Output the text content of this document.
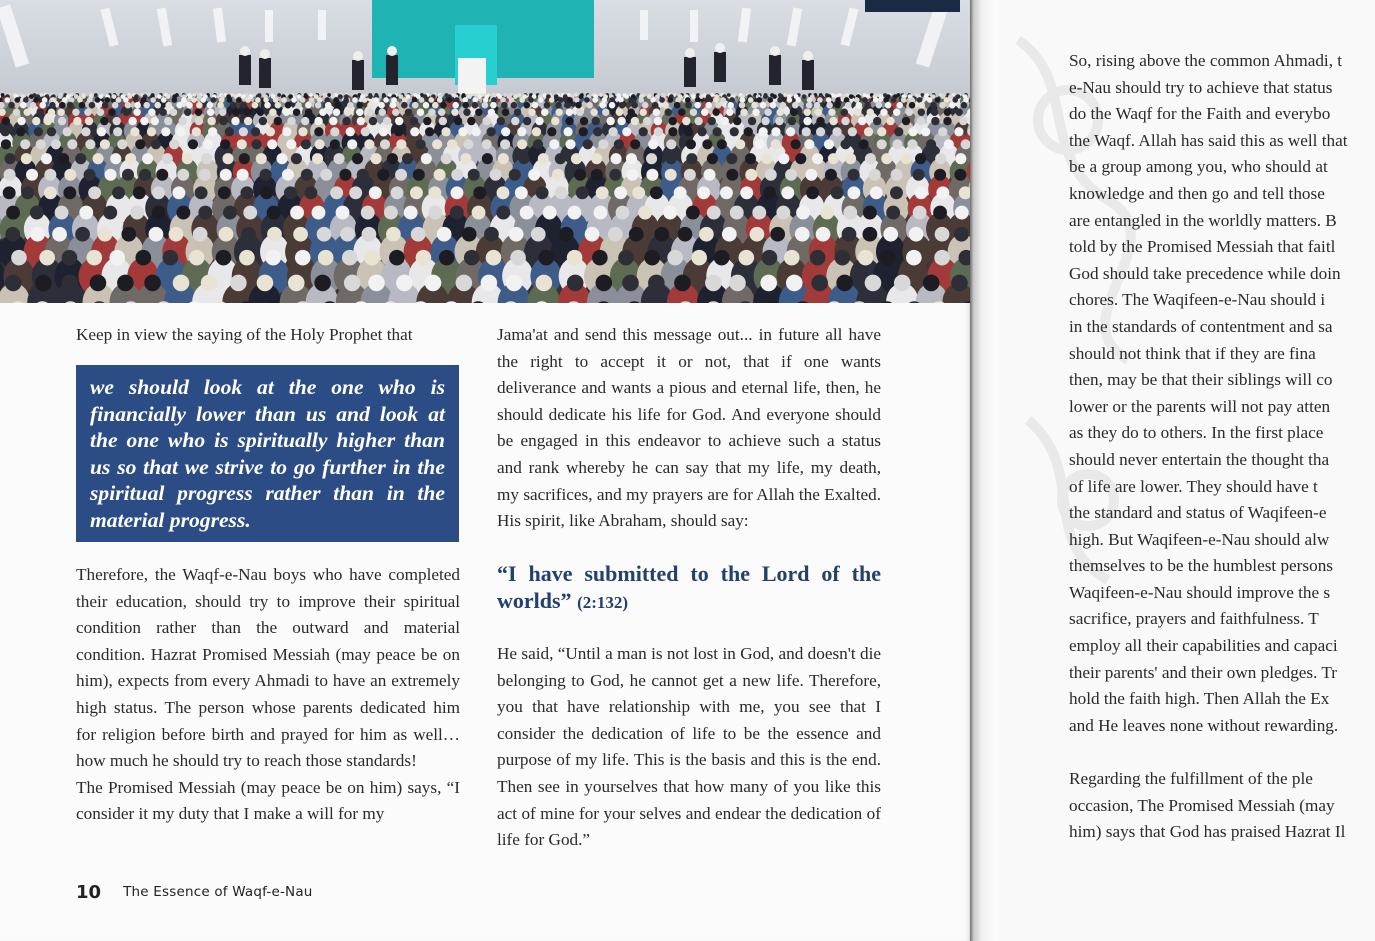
Keep in view the saying of the Holy Prophet that

we should look at the one who is financially lower than us and look at the one who is spiritually higher than us so that we strive to go further in the spiritual progress rather than in the material progress.

Therefore, the Waqf-e-Nau boys who have completed their education, should try to improve their spiritual condition rather than the outward and material condition. Hazrat Promised Messiah (may peace be on him), expects from every Ahmadi to have an extremely high status. The person whose parents dedicated him for religion before birth and prayed for him as well… how much he should try to reach those standards!

The Promised Messiah (may peace be on him) says, “I consider it my duty that I make a will for my

Jama'at and send this message out... in future all have the right to accept it or not, that if one wants deliverance and wants a pious and eternal life, then, he should dedicate his life for God. And everyone should be engaged in this endeavor to achieve such a status and rank whereby he can say that my life, my death, my sacrifices, and my prayers are for Allah the Exalted. His spirit, like Abraham, should say:

“I have submitted to the Lord of the worlds” (2:132)

He said, “Until a man is not lost in God, and doesn't die belonging to God, he cannot get a new life. Therefore, you that have relationship with me, you see that I consider the dedication of life to be the essence and purpose of my life. This is the basis and this is the end. Then see in yourselves that how many of you like this act of mine for your selves and endear the dedication of life for God.”

10 The Essence of Waqf-e-Nau
So, rising above the common Ahmadi, t
e-Nau should try to achieve that status
do the Waqf for the Faith and everybo
the Waqf. Allah has said this as well that
be a group among you, who should at
knowledge and then go and tell those
are entangled in the worldly matters. B
told by the Promised Messiah that faitl
God should take precedence while doin
chores. The Waqifeen-e-Nau should i
in the standards of contentment and sa
should not think that if they are fina
then, may be that their siblings will co
lower or the parents will not pay atten
as they do to others. In the first place
should never entertain the thought tha
of life are lower. They should have t
the standard and status of Waqifeen-e
high. But Waqifeen-e-Nau should alw
themselves to be the humblest persons
Waqifeen-e-Nau should improve the s
sacrifice, prayers and faithfulness. T
employ all their capabilities and capaci
their parents' and their own pledges. Tr
hold the faith high. Then Allah the Ex
and He leaves none without rewarding.
Regarding the fulfillment of the ple
occasion, The Promised Messiah (may
him) says that God has praised Hazrat Il
